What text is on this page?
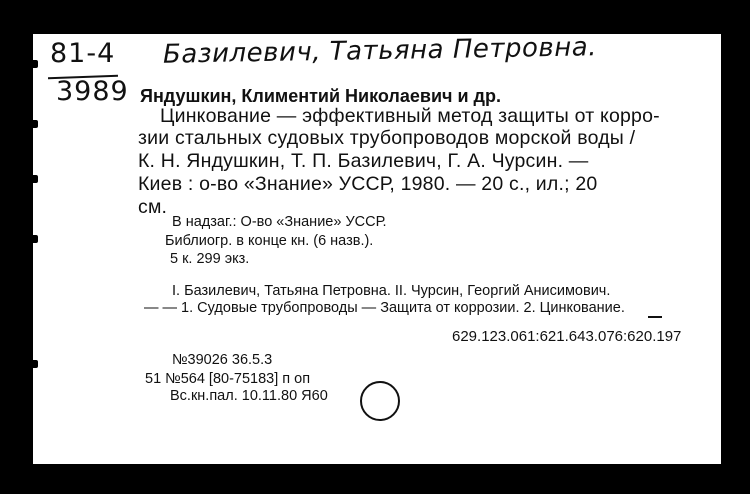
81-4
3989
Базилевич, Татьяна Петровна.
Яндушкин, Климентий Николаевич и др.
Цинкование — эффективный метод защиты от корро-
зии стальных судовых трубопроводов морской воды /
К. Н. Яндушкин, Т. П. Базилевич, Г. А. Чурсин. —
Киев : о-во «Знание» УССР, 1980. — 20 с., ил.; 20
см.
В надзаг.: О-во «Знание» УССР.
Библиогр. в конце кн. (6 назв.).
5 к. 299 экз.
I. Базилевич, Татьяна Петровна. II. Чурсин, Георгий Анисимович.
— — 1. Судовые трубопроводы — Защита от коррозии. 2. Цинкование.
629.123.061:621.643.076:620.197
№39026 36.5.3
51 №564 [80-75183] п оп
Вс.кн.пал. 10.11.80 Я60
